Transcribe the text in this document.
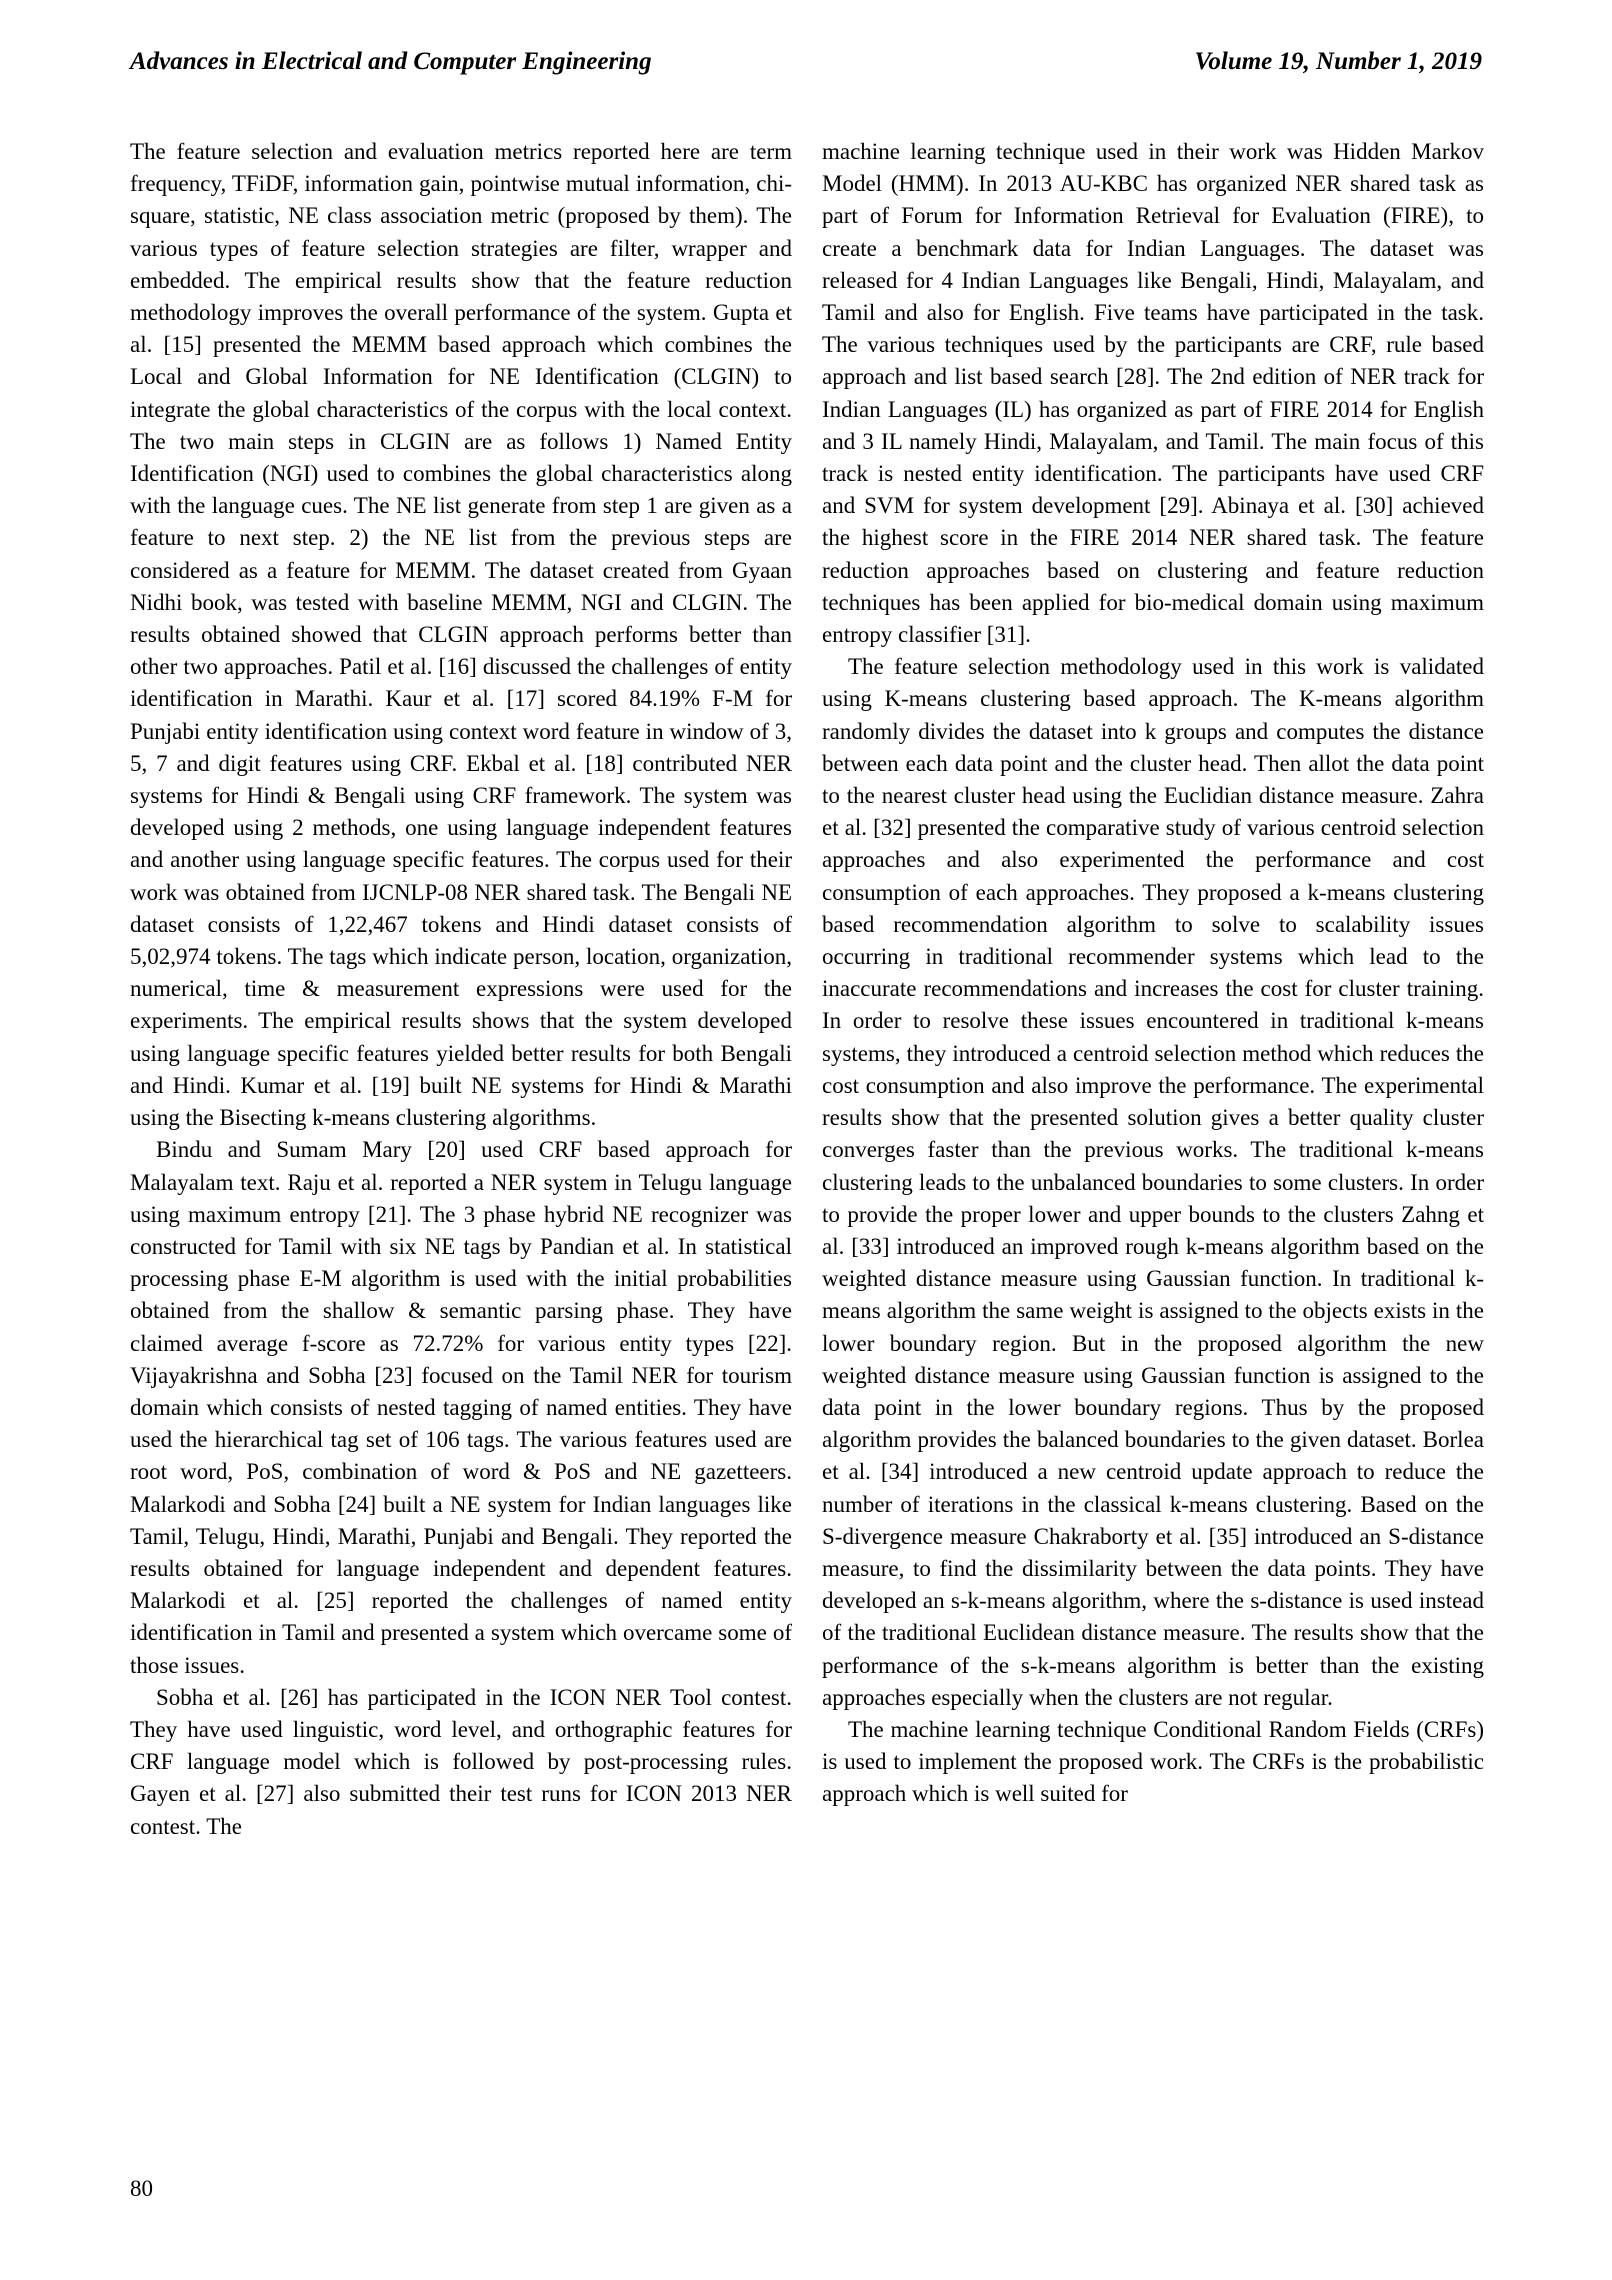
Advances in Electrical and Computer Engineering	Volume 19, Number 1, 2019

The feature selection and evaluation metrics reported here are term frequency, TFiDF, information gain, pointwise mutual information, chi-square, statistic, NE class association metric (proposed by them). The various types of feature selection strategies are filter, wrapper and embedded. The empirical results show that the feature reduction methodology improves the overall performance of the system. Gupta et al. [15] presented the MEMM based approach which combines the Local and Global Information for NE Identification (CLGIN) to integrate the global characteristics of the corpus with the local context. The two main steps in CLGIN are as follows 1) Named Entity Identification (NGI) used to combines the global characteristics along with the language cues. The NE list generate from step 1 are given as a feature to next step. 2) the NE list from the previous steps are considered as a feature for MEMM. The dataset created from Gyaan Nidhi book, was tested with baseline MEMM, NGI and CLGIN. The results obtained showed that CLGIN approach performs better than other two approaches. Patil et al. [16] discussed the challenges of entity identification in Marathi. Kaur et al. [17] scored 84.19% F-M for Punjabi entity identification using context word feature in window of 3, 5, 7 and digit features using CRF. Ekbal et al. [18] contributed NER systems for Hindi & Bengali using CRF framework. The system was developed using 2 methods, one using language independent features and another using language specific features. The corpus used for their work was obtained from IJCNLP-08 NER shared task. The Bengali NE dataset consists of 1,22,467 tokens and Hindi dataset consists of 5,02,974 tokens. The tags which indicate person, location, organization, numerical, time & measurement expressions were used for the experiments. The empirical results shows that the system developed using language specific features yielded better results for both Bengali and Hindi. Kumar et al. [19] built NE systems for Hindi & Marathi using the Bisecting k-means clustering algorithms.

Bindu and Sumam Mary [20] used CRF based approach for Malayalam text. Raju et al. reported a NER system in Telugu language using maximum entropy [21]. The 3 phase hybrid NE recognizer was constructed for Tamil with six NE tags by Pandian et al. In statistical processing phase E-M algorithm is used with the initial probabilities obtained from the shallow & semantic parsing phase. They have claimed average f-score as 72.72% for various entity types [22]. Vijayakrishna and Sobha [23] focused on the Tamil NER for tourism domain which consists of nested tagging of named entities. They have used the hierarchical tag set of 106 tags. The various features used are root word, PoS, combination of word & PoS and NE gazetteers. Malarkodi and Sobha [24] built a NE system for Indian languages like Tamil, Telugu, Hindi, Marathi, Punjabi and Bengali. They reported the results obtained for language independent and dependent features. Malarkodi et al. [25] reported the challenges of named entity identification in Tamil and presented a system which overcame some of those issues.

Sobha et al. [26] has participated in the ICON NER Tool contest. They have used linguistic, word level, and orthographic features for CRF language model which is followed by post-processing rules. Gayen et al. [27] also submitted their test runs for ICON 2013 NER contest. The

machine learning technique used in their work was Hidden Markov Model (HMM). In 2013 AU-KBC has organized NER shared task as part of Forum for Information Retrieval for Evaluation (FIRE), to create a benchmark data for Indian Languages. The dataset was released for 4 Indian Languages like Bengali, Hindi, Malayalam, and Tamil and also for English. Five teams have participated in the task. The various techniques used by the participants are CRF, rule based approach and list based search [28]. The 2nd edition of NER track for Indian Languages (IL) has organized as part of FIRE 2014 for English and 3 IL namely Hindi, Malayalam, and Tamil. The main focus of this track is nested entity identification. The participants have used CRF and SVM for system development [29]. Abinaya et al. [30] achieved the highest score in the FIRE 2014 NER shared task. The feature reduction approaches based on clustering and feature reduction techniques has been applied for bio-medical domain using maximum entropy classifier [31].

The feature selection methodology used in this work is validated using K-means clustering based approach. The K-means algorithm randomly divides the dataset into k groups and computes the distance between each data point and the cluster head. Then allot the data point to the nearest cluster head using the Euclidian distance measure. Zahra et al. [32] presented the comparative study of various centroid selection approaches and also experimented the performance and cost consumption of each approaches. They proposed a k-means clustering based recommendation algorithm to solve to scalability issues occurring in traditional recommender systems which lead to the inaccurate recommendations and increases the cost for cluster training. In order to resolve these issues encountered in traditional k-means systems, they introduced a centroid selection method which reduces the cost consumption and also improve the performance. The experimental results show that the presented solution gives a better quality cluster converges faster than the previous works. The traditional k-means clustering leads to the unbalanced boundaries to some clusters. In order to provide the proper lower and upper bounds to the clusters Zahng et al. [33] introduced an improved rough k-means algorithm based on the weighted distance measure using Gaussian function. In traditional k-means algorithm the same weight is assigned to the objects exists in the lower boundary region. But in the proposed algorithm the new weighted distance measure using Gaussian function is assigned to the data point in the lower boundary regions. Thus by the proposed algorithm provides the balanced boundaries to the given dataset. Borlea et al. [34] introduced a new centroid update approach to reduce the number of iterations in the classical k-means clustering. Based on the S-divergence measure Chakraborty et al. [35] introduced an S-distance measure, to find the dissimilarity between the data points. They have developed an s-k-means algorithm, where the s-distance is used instead of the traditional Euclidean distance measure. The results show that the performance of the s-k-means algorithm is better than the existing approaches especially when the clusters are not regular.

The machine learning technique Conditional Random Fields (CRFs) is used to implement the proposed work. The CRFs is the probabilistic approach which is well suited for

80
